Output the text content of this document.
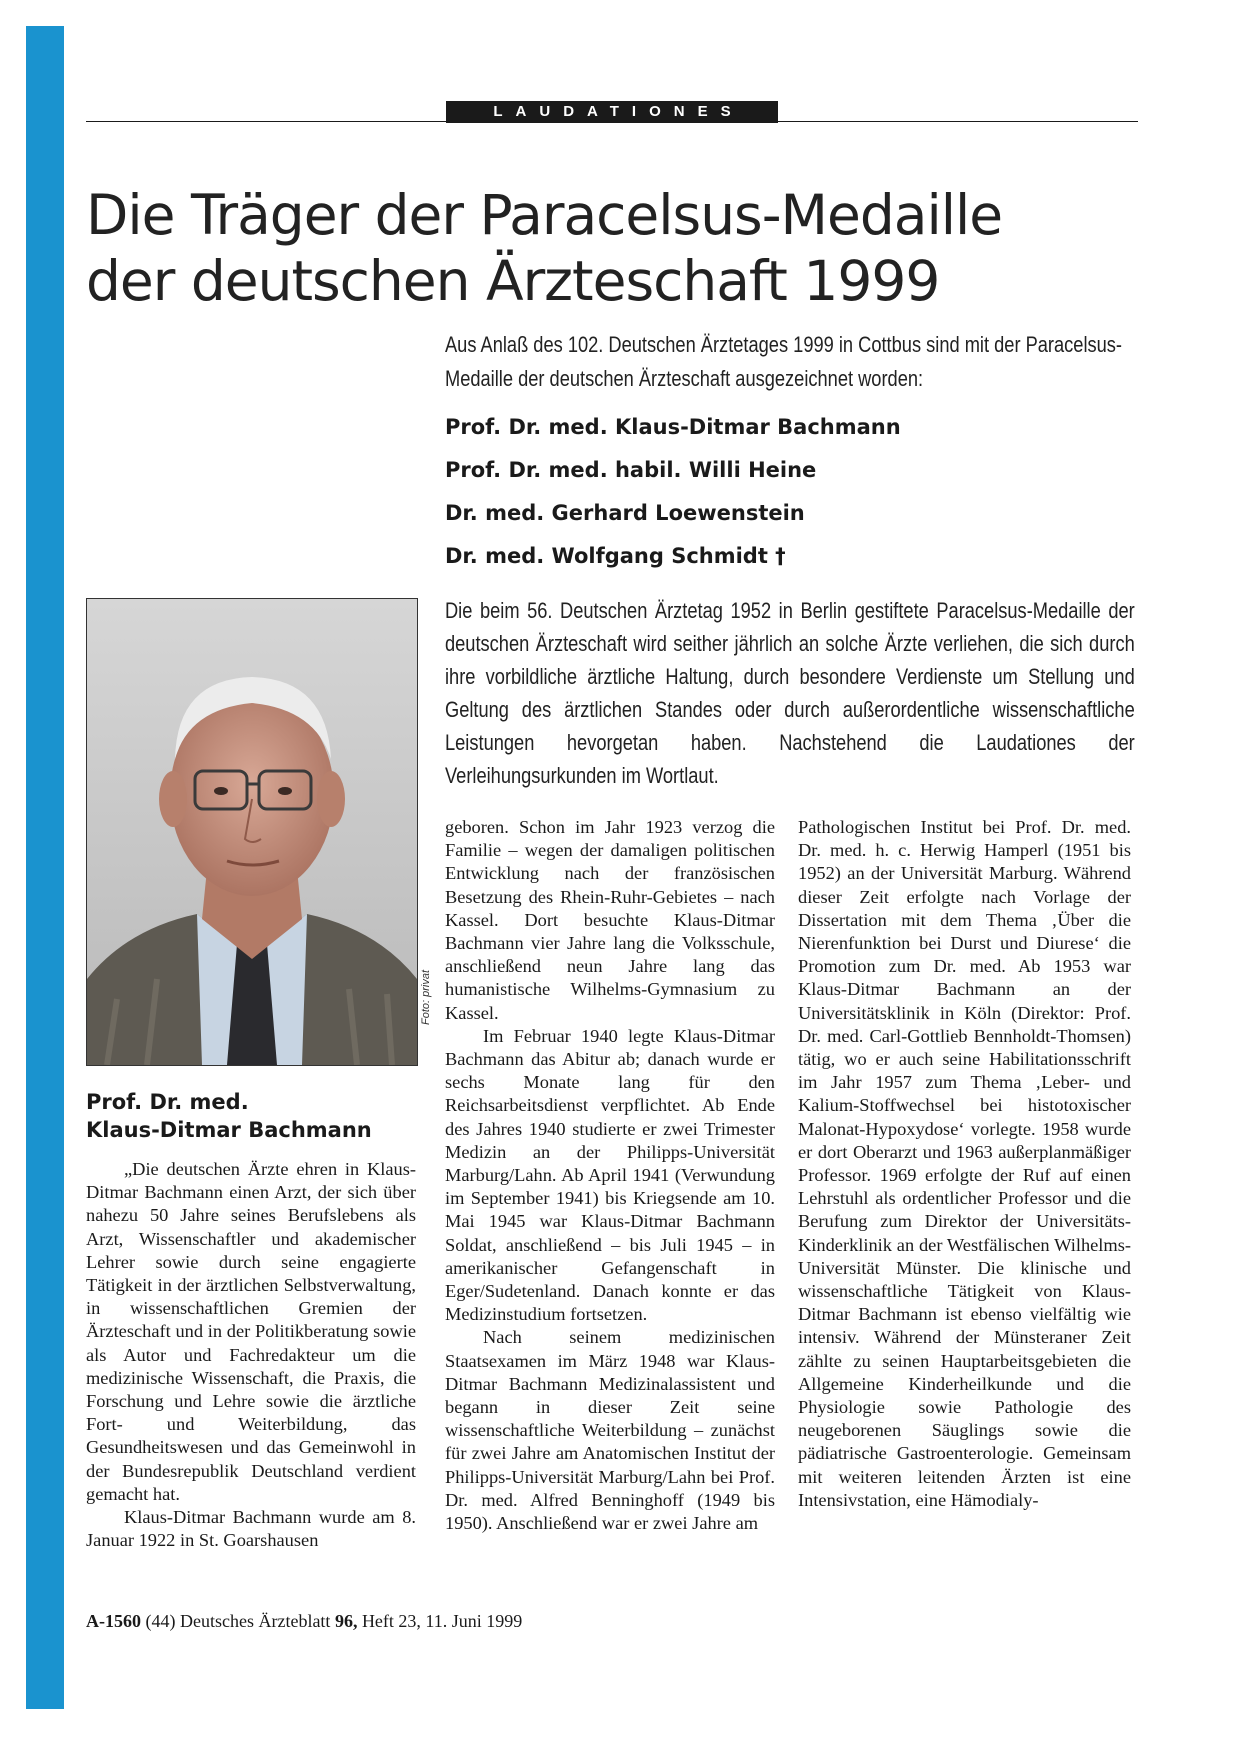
LAUDATIONES
Die Träger der Paracelsus-Medaille
der deutschen Ärzteschaft 1999
Aus Anlaß des 102. Deutschen Ärztetages 1999 in Cottbus sind mit der Paracelsus-Medaille der deutschen Ärzteschaft ausgezeichnet worden:
Prof. Dr. med. Klaus-Ditmar Bachmann
Prof. Dr. med. habil. Willi Heine
Dr. med. Gerhard Loewenstein
Dr. med. Wolfgang Schmidt †
Die beim 56. Deutschen Ärztetag 1952 in Berlin gestiftete Paracelsus-Medaille der deutschen Ärzteschaft wird seither jährlich an solche Ärzte verliehen, die sich durch ihre vorbildliche ärztliche Haltung, durch besondere Verdienste um Stellung und Geltung des ärztlichen Standes oder durch außerordentliche wissenschaftliche Leistungen hevorgetan haben. Nachstehend die Laudationes der Verleihungsurkunden im Wortlaut.
Foto: privat
Prof. Dr. med.
Klaus-Ditmar Bachmann

„Die deutschen Ärzte ehren in Klaus-Ditmar Bachmann einen Arzt, der sich über nahezu 50 Jahre seines Berufslebens als Arzt, Wissenschaftler und akademischer Lehrer sowie durch seine engagierte Tätigkeit in der ärztlichen Selbstverwaltung, in wissenschaftlichen Gremien der Ärzteschaft und in der Politikberatung sowie als Autor und Fachredakteur um die medizinische Wissenschaft, die Praxis, die Forschung und Lehre sowie die ärztliche Fort- und Weiterbildung, das Gesundheitswesen und das Gemeinwohl in der Bundesrepublik Deutschland verdient gemacht hat.

Klaus-Ditmar Bachmann wurde am 8. Januar 1922 in St. Goarshausen

geboren. Schon im Jahr 1923 verzog die Familie – wegen der damaligen politischen Entwicklung nach der französischen Besetzung des Rhein-Ruhr-Gebietes – nach Kassel. Dort besuchte Klaus-Ditmar Bachmann vier Jahre lang die Volksschule, anschließend neun Jahre lang das humanistische Wilhelms-Gymnasium zu Kassel.

Im Februar 1940 legte Klaus-Ditmar Bachmann das Abitur ab; danach wurde er sechs Monate lang für den Reichsarbeitsdienst verpflichtet. Ab Ende des Jahres 1940 studierte er zwei Trimester Medizin an der Philipps-Universität Marburg/Lahn. Ab April 1941 (Verwundung im September 1941) bis Kriegsende am 10. Mai 1945 war Klaus-Ditmar Bachmann Soldat, anschließend – bis Juli 1945 – in amerikanischer Gefangenschaft in Eger/Sudetenland. Danach konnte er das Medizinstudium fortsetzen.

Nach seinem medizinischen Staatsexamen im März 1948 war Klaus-Ditmar Bachmann Medizinalassistent und begann in dieser Zeit seine wissenschaftliche Weiterbildung – zunächst für zwei Jahre am Anatomischen Institut der Philipps-Universität Marburg/Lahn bei Prof. Dr. med. Alfred Benninghoff (1949 bis 1950). Anschließend war er zwei Jahre am

Pathologischen Institut bei Prof. Dr. med. Dr. med. h. c. Herwig Hamperl (1951 bis 1952) an der Universität Marburg. Während dieser Zeit erfolgte nach Vorlage der Dissertation mit dem Thema ‚Über die Nierenfunktion bei Durst und Diurese‘ die Promotion zum Dr. med. Ab 1953 war Klaus-Ditmar Bachmann an der Universitätsklinik in Köln (Direktor: Prof. Dr. med. Carl-Gottlieb Bennholdt-Thomsen) tätig, wo er auch seine Habilitationsschrift im Jahr 1957 zum Thema ‚Leber- und Kalium-Stoffwechsel bei histotoxischer Malonat-Hypoxydose‘ vorlegte. 1958 wurde er dort Oberarzt und 1963 außerplanmäßiger Professor. 1969 erfolgte der Ruf auf einen Lehrstuhl als ordentlicher Professor und die Berufung zum Direktor der Universitäts-Kinderklinik an der Westfälischen Wilhelms-Universität Münster. Die klinische und wissenschaftliche Tätigkeit von Klaus-Ditmar Bachmann ist ebenso vielfältig wie intensiv. Während der Münsteraner Zeit zählte zu seinen Hauptarbeitsgebieten die Allgemeine Kinderheilkunde und die Physiologie sowie Pathologie des neugeborenen Säuglings sowie die pädiatrische Gastroenterologie. Gemeinsam mit weiteren leitenden Ärzten ist eine Intensivstation, eine Hämodialy-

A-1560 (44) Deutsches Ärzteblatt 96, Heft 23, 11. Juni 1999
